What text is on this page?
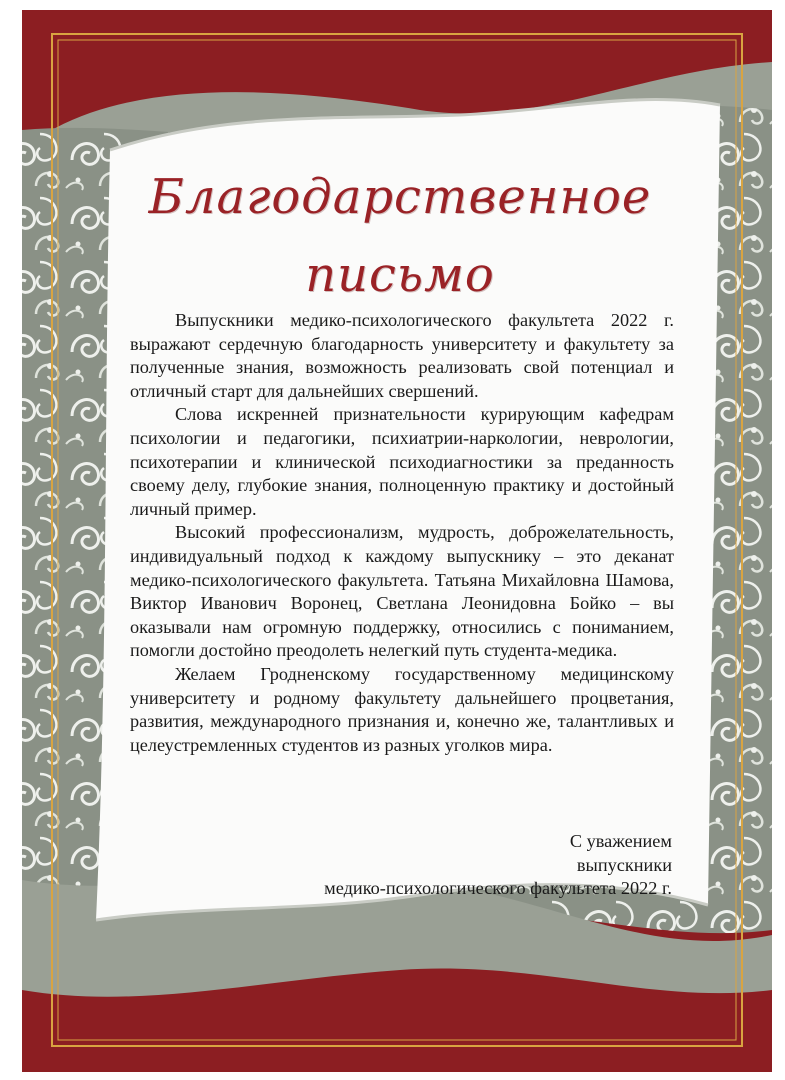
Благодарственное
письмо

Выпускники медико-психологического факультета 2022 г. выражают сердечную благодарность университету и факультету за полученные знания, возможность реализовать свой потенциал и отличный старт для дальнейших свершений.

Слова искренней признательности курирующим кафедрам психологии и педагогики, психиатрии-наркологии, неврологии, психотерапии и клинической психодиагностики за преданность своему делу, глубокие знания, полноценную практику и достойный личный пример.

Высокий профессионализм, мудрость, доброжелательность, индивидуальный подход к каждому выпускнику – это деканат медико-психологического факультета. Татьяна Михайловна Шамова, Виктор Иванович Воронец, Светлана Леонидовна Бойко – вы оказывали нам огромную поддержку, относились с пониманием, помогли достойно преодолеть нелегкий путь студента-медика.

Желаем Гродненскому государственному медицинскому университету и родному факультету дальнейшего процветания, развития, международного признания и, конечно же, талантливых и целеустремленных студентов из разных уголков мира.

С уважением
выпускники
медико-психологического факультета 2022 г.
